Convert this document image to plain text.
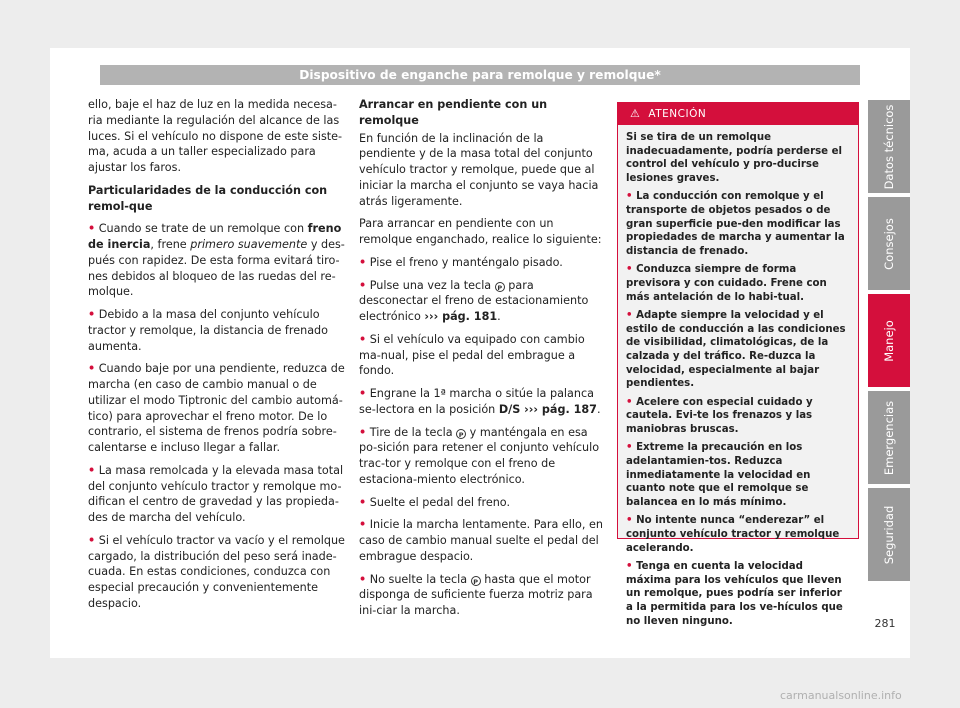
Dispositivo de enganche para remolque y remolque*

ello, baje el haz de luz en la medida necesa-ria mediante la regulación del alcance de las luces. Si el vehículo no dispone de este siste-ma, acuda a un taller especializado para ajustar los faros.

Particularidades de la conducción con remol-que

• Cuando se trate de un remolque con freno de inercia, frene primero suavemente y des-pués con rapidez. De esta forma evitará tiro-nes debidos al bloqueo de las ruedas del re-molque.

• Debido a la masa del conjunto vehículo tractor y remolque, la distancia de frenado aumenta.

• Cuando baje por una pendiente, reduzca de marcha (en caso de cambio manual o de utilizar el modo Tiptronic del cambio automá-tico) para aprovechar el freno motor. De lo contrario, el sistema de frenos podría sobre-calentarse e incluso llegar a fallar.

• La masa remolcada y la elevada masa total del conjunto vehículo tractor y remolque mo-difican el centro de gravedad y las propieda-des de marcha del vehículo.

• Si el vehículo tractor va vacío y el remolque cargado, la distribución del peso será inade-cuada. En estas condiciones, conduzca con especial precaución y convenientemente despacio.

Arrancar en pendiente con un remolque

En función de la inclinación de la pendiente y de la masa total del conjunto vehículo tractor y remolque, puede que al iniciar la marcha el conjunto se vaya hacia atrás ligeramente.

Para arrancar en pendiente con un remolque enganchado, realice lo siguiente:

• Pise el freno y manténgalo pisado.

• Pulse una vez la tecla P para desconectar el freno de estacionamiento electrónico ››› pág. 181.

• Si el vehículo va equipado con cambio ma-nual, pise el pedal del embrague a fondo.

• Engrane la 1ª marcha o sitúe la palanca se-lectora en la posición D/S ››› pág. 187.

• Tire de la tecla P y manténgala en esa po-sición para retener el conjunto vehículo trac-tor y remolque con el freno de estaciona-miento electrónico.

• Suelte el pedal del freno.

• Inicie la marcha lentamente. Para ello, en caso de cambio manual suelte el pedal del embrague despacio.

• No suelte la tecla P hasta que el motor disponga de suficiente fuerza motriz para ini-ciar la marcha.

⚠ ATENCIÓN

Si se tira de un remolque inadecuadamente, podría perderse el control del vehículo y pro-ducirse lesiones graves.

• La conducción con remolque y el transporte de objetos pesados o de gran superficie pue-den modificar las propiedades de marcha y aumentar la distancia de frenado.

• Conduzca siempre de forma previsora y con cuidado. Frene con más antelación de lo habi-tual.

• Adapte siempre la velocidad y el estilo de conducción a las condiciones de visibilidad, climatológicas, de la calzada y del tráfico. Re-duzca la velocidad, especialmente al bajar pendientes.

• Acelere con especial cuidado y cautela. Evi-te los frenazos y las maniobras bruscas.

• Extreme la precaución en los adelantamien-tos. Reduzca inmediatamente la velocidad en cuanto note que el remolque se balancea en lo más mínimo.

• No intente nunca “enderezar” el conjunto vehículo tractor y remolque acelerando.

• Tenga en cuenta la velocidad máxima para los vehículos que lleven un remolque, pues podría ser inferior a la permitida para los ve-hículos que no lleven ninguno.

Datos técnicos
Consejos
Manejo
Emergencias
Seguridad
281
carmanualsonline.info
